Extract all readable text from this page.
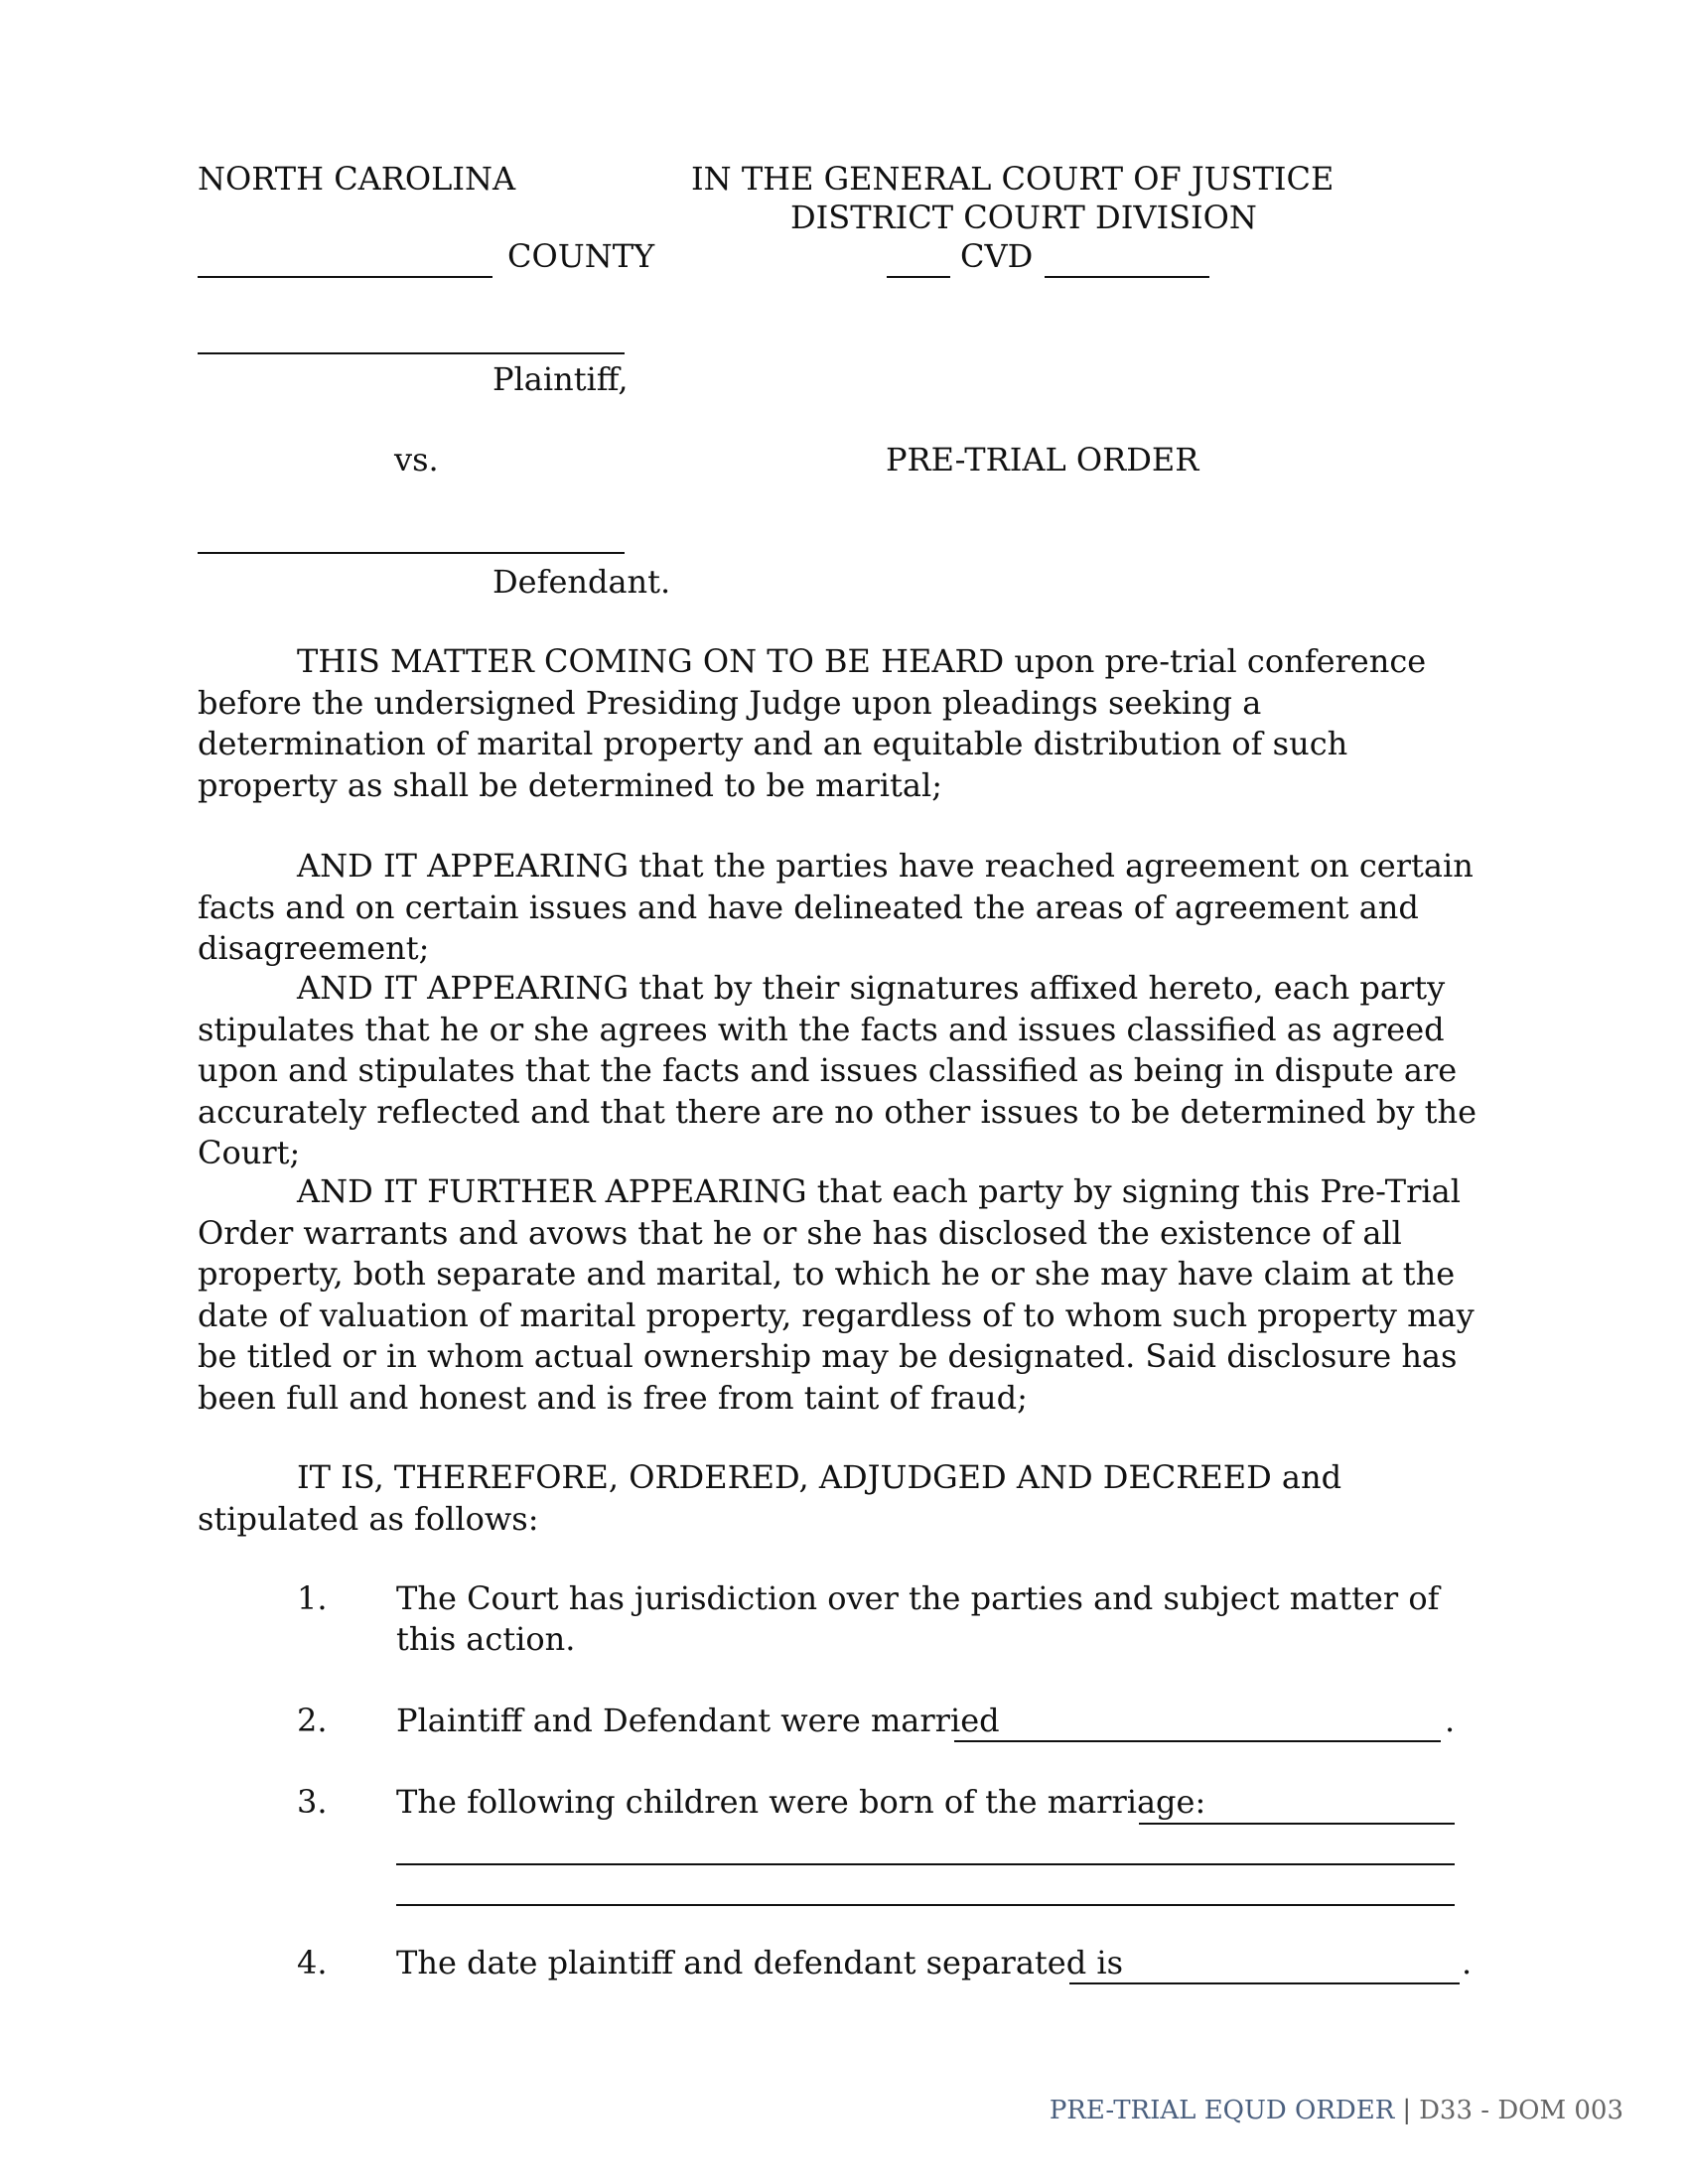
NORTH CAROLINA	IN THE GENERAL COURT OF JUSTICE
DISTRICT COURT DIVISION
COUNTY	CVD
Plaintiff,
vs.	PRE-TRIAL ORDER
Defendant.
THIS MATTER COMING ON TO BE HEARD upon pre-trial conference before the undersigned Presiding Judge upon pleadings seeking a determination of marital property and an equitable distribution of such property as shall be determined to be marital;
AND IT APPEARING that the parties have reached agreement on certain facts and on certain issues and have delineated the areas of agreement and disagreement;
AND IT APPEARING that by their signatures affixed hereto, each party stipulates that he or she agrees with the facts and issues classified as agreed upon and stipulates that the facts and issues classified as being in dispute are accurately reflected and that there are no other issues to be determined by the Court;
AND IT FURTHER APPEARING that each party by signing this Pre-Trial Order warrants and avows that he or she has disclosed the existence of all property, both separate and marital, to which he or she may have claim at the date of valuation of marital property, regardless of to whom such property may be titled or in whom actual ownership may be designated. Said disclosure has been full and honest and is free from taint of fraud;
IT IS, THEREFORE, ORDERED, ADJUDGED AND DECREED and stipulated as follows:
1. The Court has jurisdiction over the parties and subject matter of this action.
2. Plaintiff and Defendant were married	.
3. The following children were born of the marriage:
4. The date plaintiff and defendant separated is	.
PRE-TRIAL EQUD ORDER | D33 - DOM 003
